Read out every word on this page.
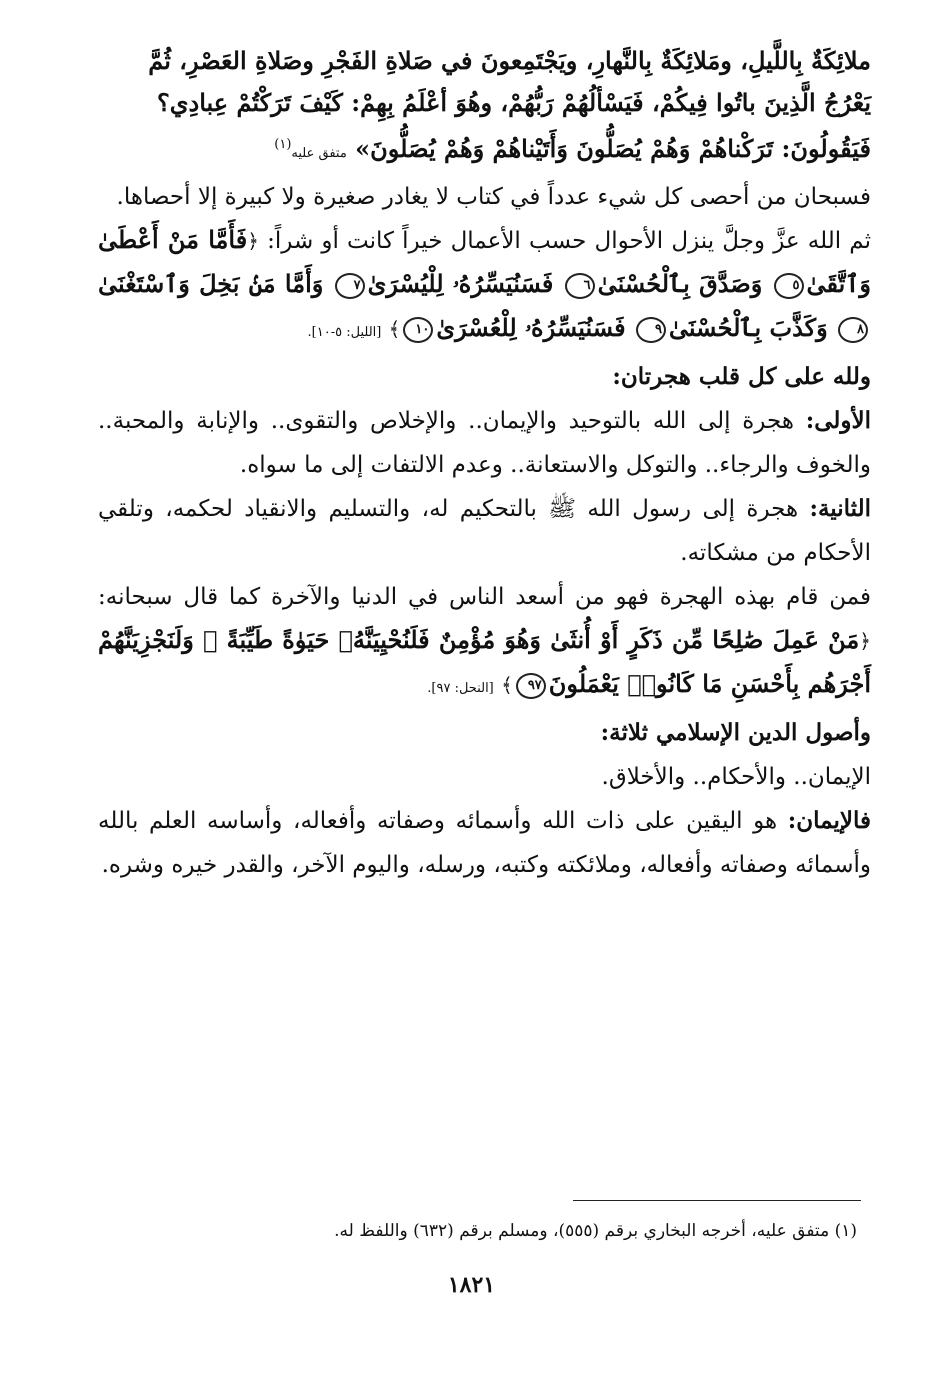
ملائِكَةٌ بِاللَّيلِ، ومَلائِكَةٌ بِالنَّهارِ، ويَجْتَمِعونَ في صَلاةِ الفَجْرِ وصَلاةِ العَصْرِ، ثُمَّ

يَعْرُجُ الَّذِينَ باتُوا فِيكُمْ، فَيَسْألُهُمْ رَبُّهُمْ، وهُوَ أعْلَمُ بِهِمْ: كَيْفَ تَرَكْتُمْ عِبادِي؟

فَيَقُولُونَ: تَرَكْناهُمْ وَهُمْ يُصَلُّونَ وَأَتَيْناهُمْ وَهُمْ يُصَلُّونَ» متفق عليه$^{(١)}$

فسبحان من أحصى كل شيء عدداً في كتاب لا يغادر صغيرة ولا كبيرة إلا أحصاها.

ثم الله عزَّ وجلَّ ينزل الأحوال حسب الأعمال خيراً كانت أو شراً: ﴿فَأَمَّا مَنْ أَعْطَىٰ وَٱتَّقَىٰ٥ وَصَدَّقَ بِٱلْحُسْنَىٰ٦ فَسَنُيَسِّرُهُۥ لِلْيُسْرَىٰ٧ وَأَمَّا مَنۢ بَخِلَ وَٱسْتَغْنَىٰ٨ وَكَذَّبَ بِٱلْحُسْنَىٰ٩ فَسَنُيَسِّرُهُۥ لِلْعُسْرَىٰ١٠﴾ [الليل: ٥-١٠].

ولله على كل قلب هجرتان:

الأولى: هجرة إلى الله بالتوحيد والإيمان.. والإخلاص والتقوى.. والإنابة والمحبة.. والخوف والرجاء.. والتوكل والاستعانة.. وعدم الالتفات إلى ما سواه.

الثانية: هجرة إلى رسول الله ﷺ بالتحكيم له، والتسليم والانقياد لحكمه، وتلقي الأحكام من مشكاته.

فمن قام بهذه الهجرة فهو من أسعد الناس في الدنيا والآخرة كما قال سبحانه: ﴿مَنْ عَمِلَ صَٰلِحًا مِّن ذَكَرٍ أَوْ أُنثَىٰ وَهُوَ مُؤْمِنٌ فَلَنُحْيِيَنَّهُۥ حَيَوٰةً طَيِّبَةً ۖ وَلَنَجْزِيَنَّهُمْ أَجْرَهُم بِأَحْسَنِ مَا كَانُوا۟ يَعْمَلُونَ٩٧﴾ [النحل: ٩٧].

وأصول الدين الإسلامي ثلاثة:

الإيمان.. والأحكام.. والأخلاق.

فالإيمان: هو اليقين على ذات الله وأسمائه وصفاته وأفعاله، وأساسه العلم بالله وأسمائه وصفاته وأفعاله، وملائكته وكتبه، ورسله، واليوم الآخر، والقدر خيره وشره.

(١) متفق عليه، أخرجه البخاري برقم (٥٥٥)، ومسلم برقم (٦٣٢) واللفظ له.
١٨٢١
